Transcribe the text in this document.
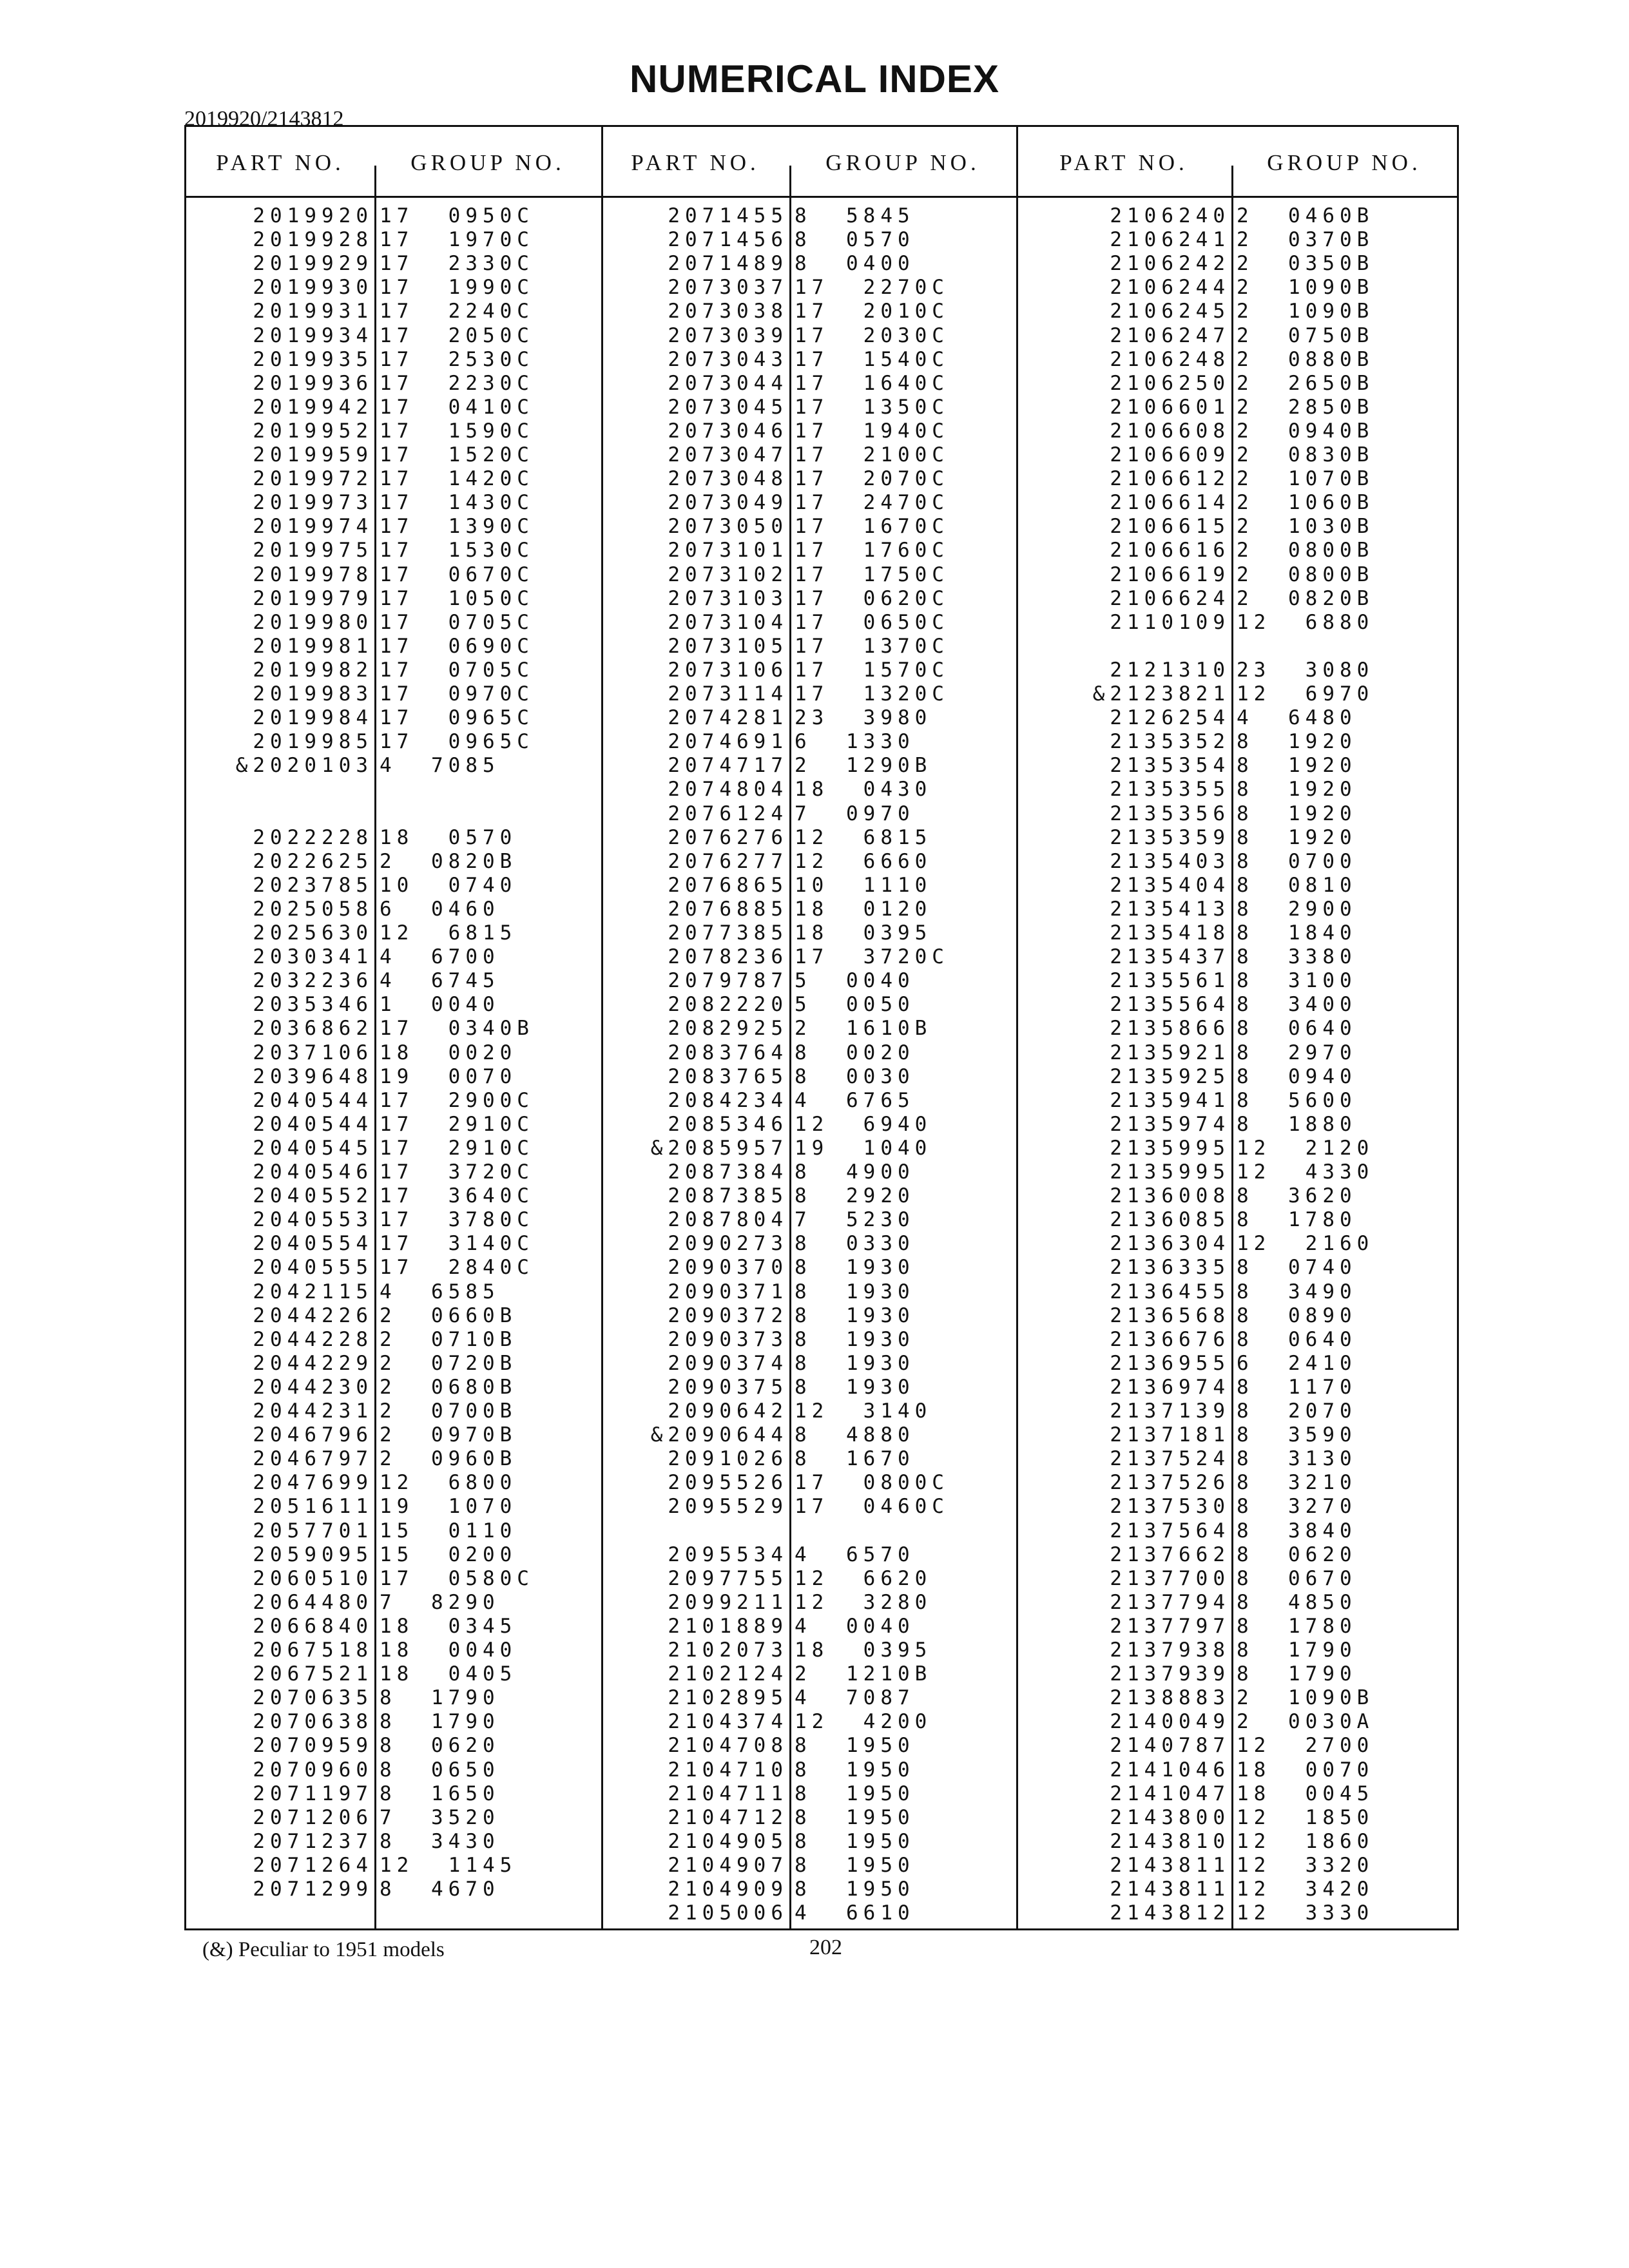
NUMERICAL INDEX
2019920/2143812
PART NO.	GROUP NO.	PART NO.	GROUP NO.	PART NO.	GROUP NO.
2019920 17  0950C
2019928 17  1970C
2019929 17  2330C
2019930 17  1990C
2019931 17  2240C
2019934 17  2050C
2019935 17  2530C
2019936 17  2230C
2019942 17  0410C
2019952 17  1590C
2019959 17  1520C
2019972 17  1420C
2019973 17  1430C
2019974 17  1390C
2019975 17  1530C
2019978 17  0670C
2019979 17  1050C
2019980 17  0705C
2019981 17  0690C
2019982 17  0705C
2019983 17  0970C
2019984 17  0965C
2019985 17  0965C
&2020103 4  7085
2022228 18  0570
2022625 2  0820B
2023785 10  0740
2025058 6  0460
2025630 12  6815
2030341 4  6700
2032236 4  6745
2035346 1  0040
2036862 17  0340B
2037106 18  0020
2039648 19  0070
2040544 17  2900C
2040544 17  2910C
2040545 17  2910C
2040546 17  3720C
2040552 17  3640C
2040553 17  3780C
2040554 17  3140C
2040555 17  2840C
2042115 4  6585
2044226 2  0660B
2044228 2  0710B
2044229 2  0720B
2044230 2  0680B
2044231 2  0700B
2046796 2  0970B
2046797 2  0960B
2047699 12  6800
2051611 19  1070
2057701 15  0110
2059095 15  0200
2060510 17  0580C
2064480 7  8290
2066840 18  0345
2067518 18  0040
2067521 18  0405
2070635 8  1790
2070638 8  1790
2070959 8  0620
2070960 8  0650
2071197 8  1650
2071206 7  3520
2071237 8  3430
2071264 12  1145
2071299 8  4670
2071455 8  5845
2071456 8  0570
2071489 8  0400
2073037 17  2270C
2073038 17  2010C
2073039 17  2030C
2073043 17  1540C
2073044 17  1640C
2073045 17  1350C
2073046 17  1940C
2073047 17  2100C
2073048 17  2070C
2073049 17  2470C
2073050 17  1670C
2073101 17  1760C
2073102 17  1750C
2073103 17  0620C
2073104 17  0650C
2073105 17  1370C
2073106 17  1570C
2073114 17  1320C
2074281 23  3980
2074691 6  1330
2074717 2  1290B
2074804 18  0430
2076124 7  0970
2076276 12  6815
2076277 12  6660
2076865 10  1110
2076885 18  0120
2077385 18  0395
2078236 17  3720C
2079787 5  0040
2082220 5  0050
2082925 2  1610B
2083764 8  0020
2083765 8  0030
2084234 4  6765
2085346 12  6940
&2085957 19  1040
2087384 8  4900
2087385 8  2920
2087804 7  5230
2090273 8  0330
2090370 8  1930
2090371 8  1930
2090372 8  1930
2090373 8  1930
2090374 8  1930
2090375 8  1930
2090642 12  3140
&2090644 8  4880
2091026 8  1670
2095526 17  0800C
2095529 17  0460C
2095534 4  6570
2097755 12  6620
2099211 12  3280
2101889 4  0040
2102073 18  0395
2102124 2  1210B
2102895 4  7087
2104374 12  4200
2104708 8  1950
2104710 8  1950
2104711 8  1950
2104712 8  1950
2104905 8  1950
2104907 8  1950
2104909 8  1950
2105006 4  6610
2106240 2  0460B
2106241 2  0370B
2106242 2  0350B
2106244 2  1090B
2106245 2  1090B
2106247 2  0750B
2106248 2  0880B
2106250 2  2650B
2106601 2  2850B
2106608 2  0940B
2106609 2  0830B
2106612 2  1070B
2106614 2  1060B
2106615 2  1030B
2106616 2  0800B
2106619 2  0800B
2106624 2  0820B
2110109 12  6880
2121310 23  3080
&2123821 12  6970
2126254 4  6480
2135352 8  1920
2135354 8  1920
2135355 8  1920
2135356 8  1920
2135359 8  1920
2135403 8  0700
2135404 8  0810
2135413 8  2900
2135418 8  1840
2135437 8  3380
2135561 8  3100
2135564 8  3400
2135866 8  0640
2135921 8  2970
2135925 8  0940
2135941 8  5600
2135974 8  1880
2135995 12  2120
2135995 12  4330
2136008 8  3620
2136085 8  1780
2136304 12  2160
2136335 8  0740
2136455 8  3490
2136568 8  0890
2136676 8  0640
2136955 6  2410
2136974 8  1170
2137139 8  2070
2137181 8  3590
2137524 8  3130
2137526 8  3210
2137530 8  3270
2137564 8  3840
2137662 8  0620
2137700 8  0670
2137794 8  4850
2137797 8  1780
2137938 8  1790
2137939 8  1790
2138883 2  1090B
2140049 2  0030A
2140787 12  2700
2141046 18  0070
2141047 18  0045
2143800 12  1850
2143810 12  1860
2143811 12  3320
2143811 12  3420
2143812 12  3330
(&) Peculiar to 1951 models	202
